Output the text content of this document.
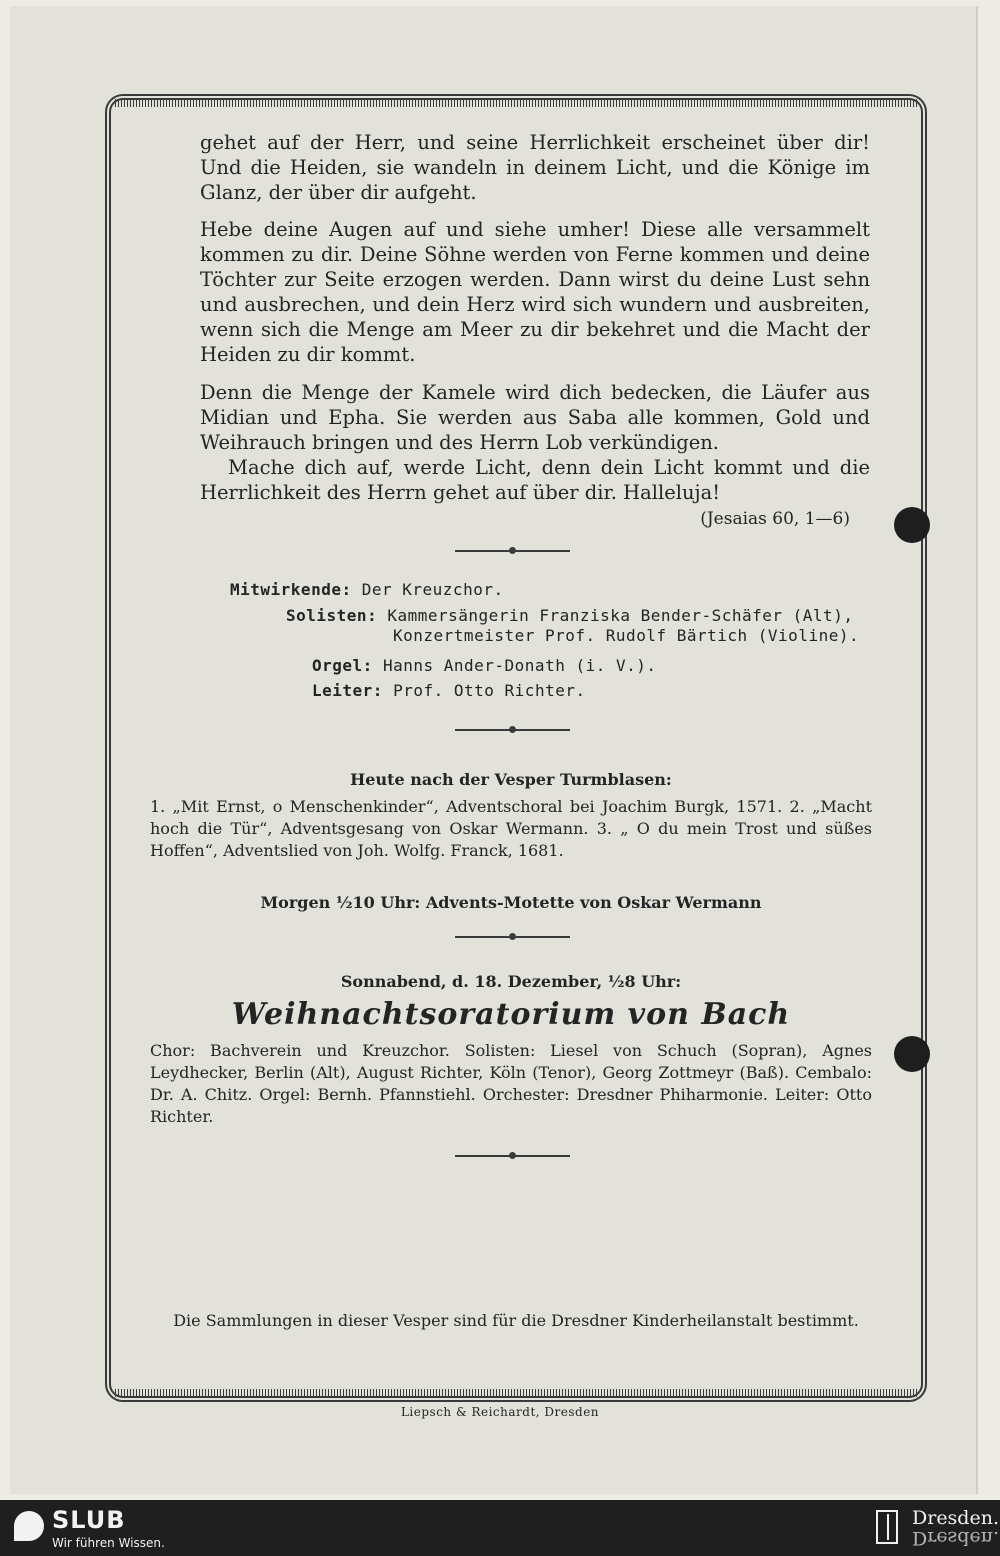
gehet auf der Herr, und seine Herrlichkeit erscheinet über dir! Und die Heiden, sie wandeln in deinem Licht, und die Könige im Glanz, der über dir aufgeht.

Hebe deine Augen auf und siehe umher! Diese alle versammelt kommen zu dir. Deine Söhne werden von Ferne kommen und deine Töchter zur Seite erzogen werden. Dann wirst du deine Lust sehn und ausbrechen, und dein Herz wird sich wundern und ausbreiten, wenn sich die Menge am Meer zu dir bekehret und die Macht der Heiden zu dir kommt.

Denn die Menge der Kamele wird dich bedecken, die Läufer aus Midian und Epha. Sie werden aus Saba alle kommen, Gold und Weihrauch bringen und des Herrn Lob verkündigen.

Mache dich auf, werde Licht, denn dein Licht kommt und die Herrlichkeit des Herrn gehet auf über dir. Halleluja!

(Jesaias 60, 1—6)
Mitwirkende: Der Kreuzchor.
Solisten: Kammersängerin Franziska Bender-Schäfer (Alt),
Konzertmeister Prof. Rudolf Bärtich (Violine).
Orgel: Hanns Ander-Donath (i. V.).
Leiter: Prof. Otto Richter.
Heute nach der Vesper Turmblasen:

1. „Mit Ernst, o Menschenkinder“, Adventschoral bei Joachim Burgk, 1571. 2. „Macht hoch die Tür“, Adventsgesang von Oskar Wermann. 3. „ O du mein Trost und süßes Hoffen“, Adventslied von Joh. Wolfg. Franck, 1681.

Morgen ½10 Uhr: Advents-Motette von Oskar Wermann
Sonnabend, d. 18. Dezember, ½8 Uhr:
Weihnachtsoratorium von Bach

Chor: Bachverein und Kreuzchor. Solisten: Liesel von Schuch (Sopran), Agnes Leydhecker, Berlin (Alt), August Richter, Köln (Tenor), Georg Zottmeyr (Baß). Cembalo: Dr. A. Chitz. Orgel: Bernh. Pfannstiehl. Orchester: Dresdner Phiharmonie. Leiter: Otto Richter.

Die Sammlungen in dieser Vesper sind für die Dresdner Kinderheilanstalt bestimmt.
Liepsch & Reichardt, Dresden
SLUB
Wir führen Wissen.
Dresden.
Dresden.
